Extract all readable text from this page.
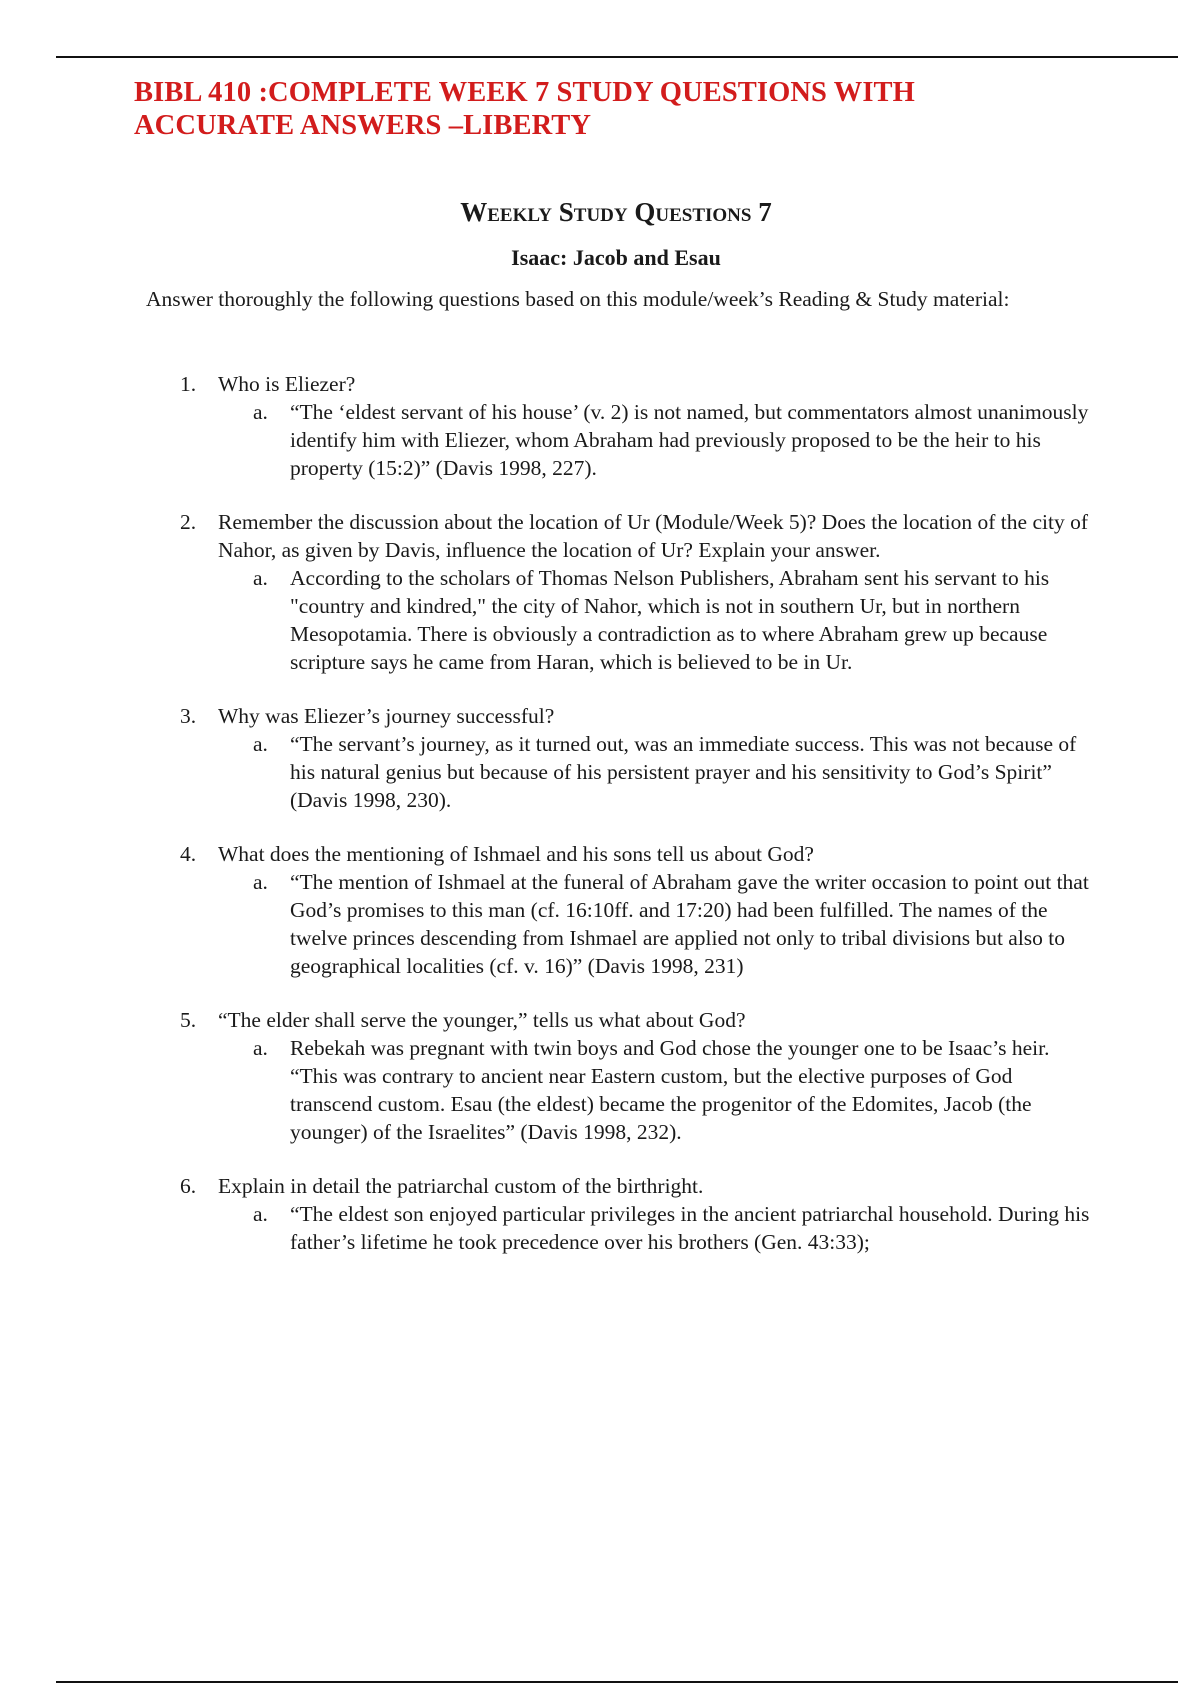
BIBL 410 :COMPLETE WEEK 7 STUDY QUESTIONS WITH
ACCURATE ANSWERS –LIBERTY
Weekly Study Questions 7
Isaac: Jacob and Esau

Answer thoroughly the following questions based on this module/week’s Reading & Study material:

1. Who is Eliezer?

a. “The ‘eldest servant of his house’ (v. 2) is not named, but commentators almost unanimously identify him with Eliezer, whom Abraham had previously proposed to be the heir to his property (15:2)” (Davis 1998, 227).

2. Remember the discussion about the location of Ur (Module/Week 5)? Does the location of the city of Nahor, as given by Davis, influence the location of Ur? Explain your answer.

a. According to the scholars of Thomas Nelson Publishers, Abraham sent his servant to his "country and kindred," the city of Nahor, which is not in southern Ur, but in northern Mesopotamia. There is obviously a contradiction as to where Abraham grew up because scripture says he came from Haran, which is believed to be in Ur.

3. Why was Eliezer’s journey successful?

a. “The servant’s journey, as it turned out, was an immediate success. This was not because of his natural genius but because of his persistent prayer and his sensitivity to God’s Spirit” (Davis 1998, 230).

4. What does the mentioning of Ishmael and his sons tell us about God?

a. “The mention of Ishmael at the funeral of Abraham gave the writer occasion to point out that God’s promises to this man (cf. 16:10ff. and 17:20) had been fulfilled. The names of the twelve princes descending from Ishmael are applied not only to tribal divisions but also to geographical localities (cf. v. 16)” (Davis 1998, 231)

5. “The elder shall serve the younger,” tells us what about God?

a. Rebekah was pregnant with twin boys and God chose the younger one to be Isaac’s heir. “This was contrary to ancient near Eastern custom, but the elective purposes of God transcend custom. Esau (the eldest) became the progenitor of the Edomites, Jacob (the younger) of the Israelites” (Davis 1998, 232).

6. Explain in detail the patriarchal custom of the birthright.

a. “The eldest son enjoyed particular privileges in the ancient patriarchal household. During his father’s lifetime he took precedence over his brothers (Gen. 43:33);
